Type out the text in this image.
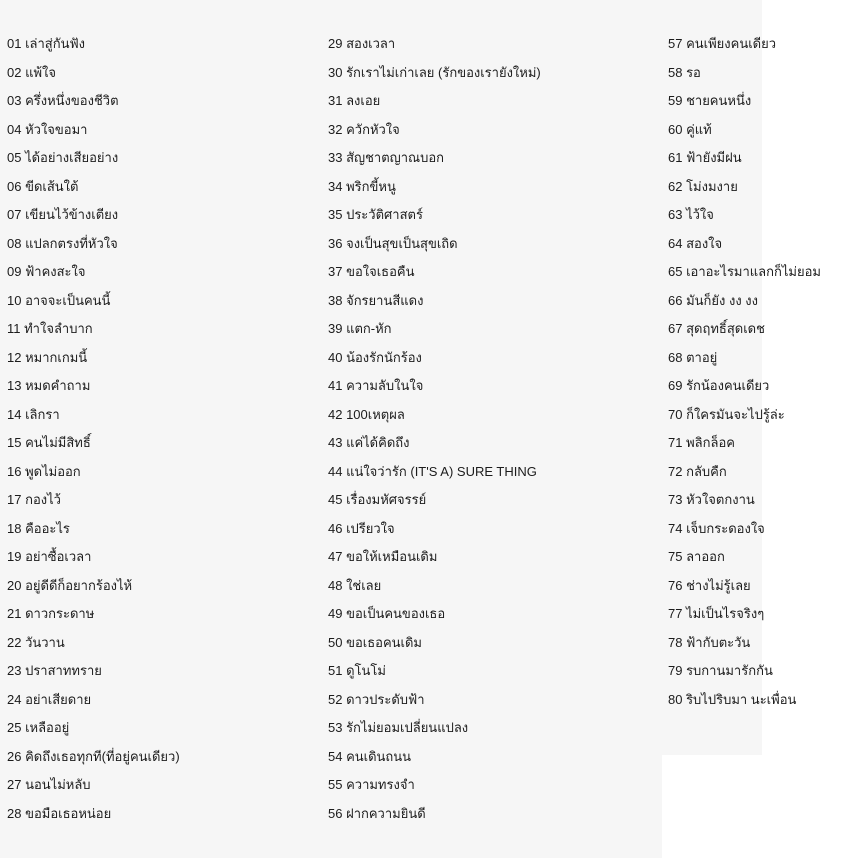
01 เล่าสู่กันฟัง
02 แพ้ใจ
03 ครึ่งหนึ่งของชีวิต
04 หัวใจขอมา
05 ได้อย่างเสียอย่าง
06 ขีดเส้นใต้
07 เขียนไว้ข้างเตียง
08 แปลกตรงที่หัวใจ
09 ฟ้าคงสะใจ
10 อาจจะเป็นคนนี้
11 ทำใจลำบาก
12 หมากเกมนี้
13 หมดคำถาม
14 เลิกรา
15 คนไม่มีสิทธิ์
16 พูดไม่ออก
17 กองไว้
18 คืออะไร
19 อย่าซื้อเวลา
20 อยู่ดีดีก็อยากร้องไห้
21 ดาวกระดาษ
22 วันวาน
23 ปราสาททราย
24 อย่าเสียดาย
25 เหลืออยู่
26 คิดถึงเธอทุกที(ที่อยู่คนเดียว)
27 นอนไม่หลับ
28 ขอมือเธอหน่อย
29 สองเวลา
30 รักเราไม่เก่าเลย (รักของเรายังใหม่)
31 ลงเอย
32 ควักหัวใจ
33 สัญชาตญาณบอก
34 พริกขี้หนู
35 ประวัติศาสตร์
36 จงเป็นสุขเป็นสุขเถิด
37 ขอใจเธอคืน
38 จักรยานสีแดง
39 แตก-หัก
40 น้องรักนักร้อง
41 ความลับในใจ
42 100เหตุผล
43 แค่ได้คิดถึง
44 แน่ใจว่ารัก (IT'S A) SURE THING
45 เรื่องมหัศจรรย์
46 เปรียวใจ
47 ขอให้เหมือนเดิม
48 ใช่เลย
49 ขอเป็นคนของเธอ
50 ขอเธอคนเดิม
51 ดูโนโม่
52 ดาวประดับฟ้า
53 รักไม่ยอมเปลี่ยนแปลง
54 คนเดินถนน
55 ความทรงจำ
56 ฝากความยินดี
57 คนเพียงคนเดียว
58 รอ
59 ชายคนหนึ่ง
60 คู่แท้
61 ฟ้ายังมีฝน
62 โม่งมงาย
63 ไว้ใจ
64 สองใจ
65 เอาอะไรมาแลกก็ไม่ยอม
66 มันก็ยัง งง งง
67 สุดฤทธิ์สุดเดช
68 ตาอยู่
69 รักน้องคนเดียว
70 ก็ใครมันจะไปรู้ล่ะ
71 พลิกล็อค
72 กลับคืก
73 หัวใจตกงาน
74 เจ็บกระดองใจ
75 ลาออก
76 ช่างไม่รู้เลย
77 ไม่เป็นไรจริงๆ
78 ฟ้ากับตะวัน
79 รบกานมารักกัน
80 ริบไปริบมา นะเพื่อน
